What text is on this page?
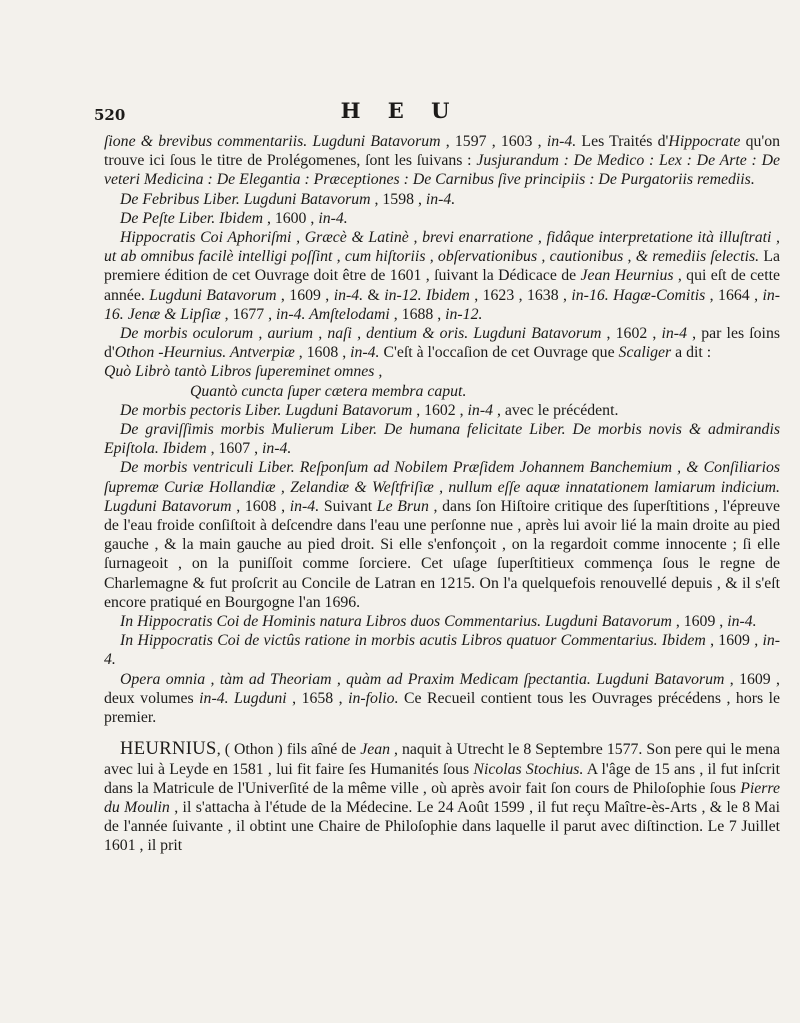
520	H E U

ſione & brevibus commentariis. Lugduni Batavorum , 1597 , 1603 , in-4. Les Traités d'Hippocrate qu'on trouve ici ſous le titre de Prolégomenes, ſont les ſuivans : Jusjurandum : De Medico : Lex : De Arte : De veteri Medicina : De Elegantia : Præceptiones : De Carnibus ſive principiis : De Purgatoriis remediis.

De Febribus Liber. Lugduni Batavorum , 1598 , in-4.

De Peſte Liber. Ibidem , 1600 , in-4.

Hippocratis Coi Aphoriſmi , Græcè & Latinè , brevi enarratione , fidâque interpretatione ità illuſtrati , ut ab omnibus facilè intelligi poſſint , cum hiſtoriis , obſervationibus , cautionibus , & remediis ſelectis. La premiere édition de cet Ouvrage doit être de 1601 , ſuivant la Dédicace de Jean Heurnius , qui eſt de cette année. Lugduni Batavorum , 1609 , in-4. & in-12. Ibidem , 1623 , 1638 , in-16. Hagæ-Comitis , 1664 , in-16. Jenæ & Lipſiæ , 1677 , in-4. Amſtelodami , 1688 , in-12.

De morbis oculorum , aurium , naſi , dentium & oris. Lugduni Batavorum , 1602 , in-4 , par les ſoins d'Othon -Heurnius. Antverpiæ , 1608 , in-4. C'eſt à l'occaſion de cet Ouvrage que Scaliger a dit :

Quò Librò tantò Libros ſupereminet omnes ,

Quantò cuncta ſuper cætera membra caput.

De morbis pectoris Liber. Lugduni Batavorum , 1602 , in-4 , avec le précédent.

De graviſſimis morbis Mulierum Liber. De humana felicitate Liber. De morbis novis & admirandis Epiſtola. Ibidem , 1607 , in-4.

De morbis ventriculi Liber. Reſponſum ad Nobilem Præſidem Johannem Banchemium , & Conſiliarios ſupremæ Curiæ Hollandiæ , Zelandiæ & Weſtfriſiæ , nullum eſſe aquæ innatationem lamiarum indicium. Lugduni Batavorum , 1608 , in-4. Suivant Le Brun , dans ſon Hiſtoire critique des ſuperſtitions , l'épreuve de l'eau froide conſiſtoit à deſcendre dans l'eau une perſonne nue , après lui avoir lié la main droite au pied gauche , & la main gauche au pied droit. Si elle s'enfonçoit , on la regardoit comme innocente ; ſi elle ſurnageoit , on la puniſſoit comme ſorciere. Cet uſage ſuperſtitieux commença ſous le regne de Charlemagne & fut proſcrit au Concile de Latran en 1215. On l'a quelquefois renouvellé depuis , & il s'eſt encore pratiqué en Bourgogne l'an 1696.

In Hippocratis Coi de Hominis natura Libros duos Commentarius. Lugduni Batavorum , 1609 , in-4.

In Hippocratis Coi de victûs ratione in morbis acutis Libros quatuor Commentarius. Ibidem , 1609 , in-4.

Opera omnia , tàm ad Theoriam , quàm ad Praxim Medicam ſpectantia. Lugduni Batavorum , 1609 , deux volumes in-4. Lugduni , 1658 , in-folio. Ce Recueil contient tous les Ouvrages précédens , hors le premier.

HEURNIUS, ( Othon ) fils aîné de Jean , naquit à Utrecht le 8 Septembre 1577. Son pere qui le mena avec lui à Leyde en 1581 , lui fit faire ſes Humanités ſous Nicolas Stochius. A l'âge de 15 ans , il fut inſcrit dans la Matricule de l'Univerſité de la même ville , où après avoir fait ſon cours de Philoſophie ſous Pierre du Moulin , il s'attacha à l'étude de la Médecine. Le 24 Août 1599 , il fut reçu Maître-ès-Arts , & le 8 Mai de l'année ſuivante , il obtint une Chaire de Philoſophie dans laquelle il parut avec diſtinction. Le 7 Juillet 1601 , il prit
